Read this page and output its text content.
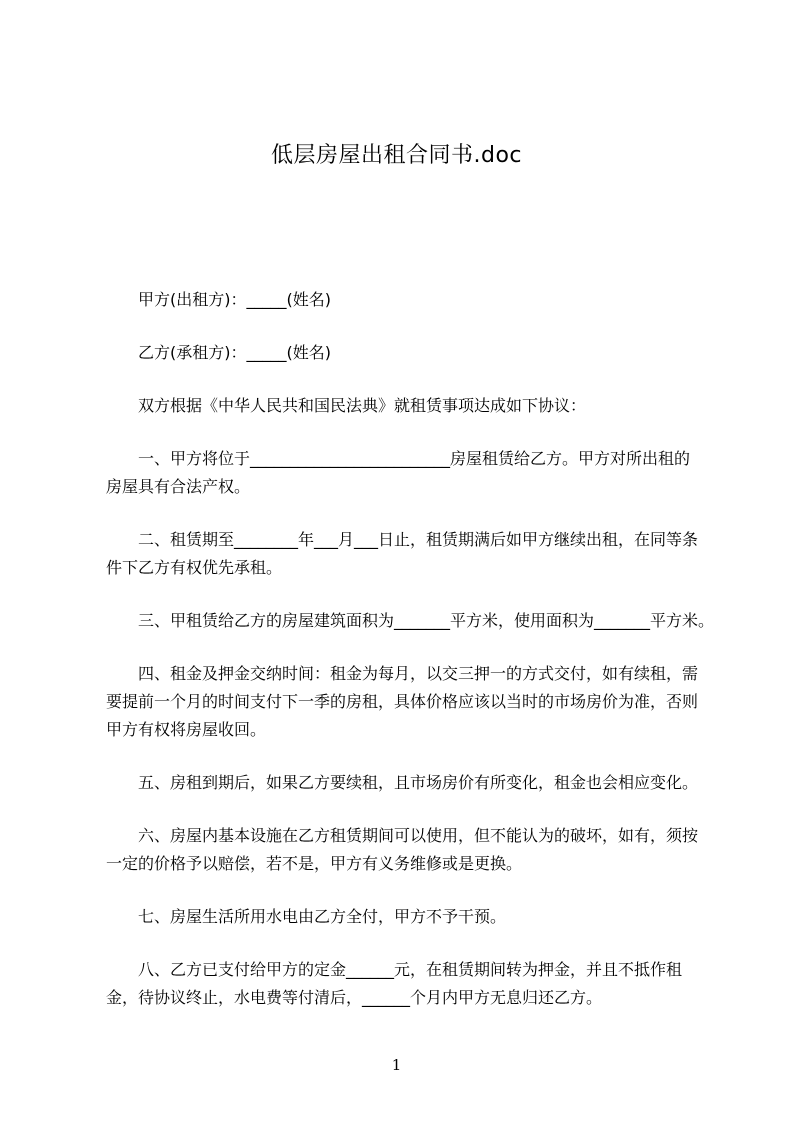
低层房屋出租合同书.doc

甲方(出租方)：_____(姓名)

乙方(承租方)：_____(姓名)

双方根据《中华人民共和国民法典》就租赁事项达成如下协议：

一、甲方将位于_________________________房屋租赁给乙方。甲方对所出租的
房屋具有合法产权。

二、租赁期至________年___月___日止，租赁期满后如甲方继续出租，在同等条
件下乙方有权优先承租。

三、甲租赁给乙方的房屋建筑面积为_______平方米，使用面积为_______平方米。

四、租金及押金交纳时间：租金为每月，以交三押一的方式交付，如有续租，需
要提前一个月的时间支付下一季的房租，具体价格应该以当时的市场房价为准，否则
甲方有权将房屋收回。

五、房租到期后，如果乙方要续租，且市场房价有所变化，租金也会相应变化。

六、房屋内基本设施在乙方租赁期间可以使用，但不能认为的破坏，如有，须按
一定的价格予以赔偿，若不是，甲方有义务维修或是更换。

七、房屋生活所用水电由乙方全付，甲方不予干预。

八、乙方已支付给甲方的定金______元，在租赁期间转为押金，并且不抵作租
金，待协议终止，水电费等付清后，______个月内甲方无息归还乙方。

1
